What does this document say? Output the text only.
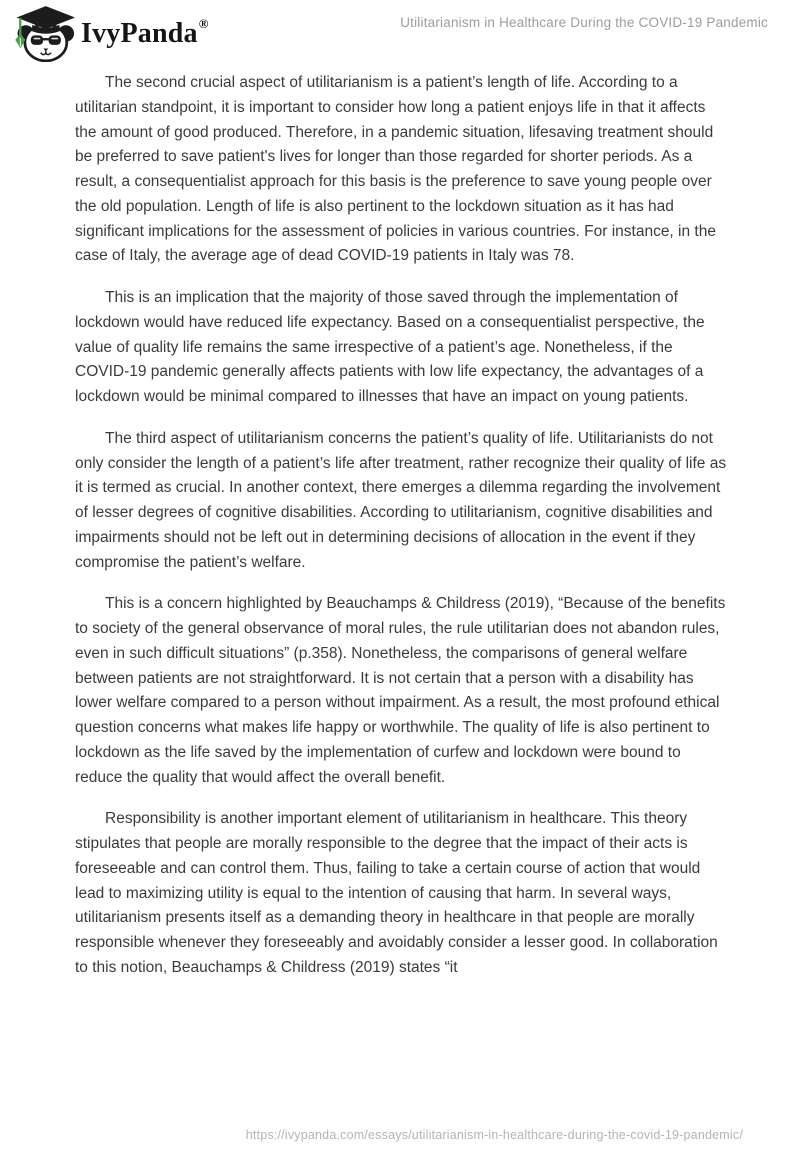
IvyPanda ®	Utilitarianism in Healthcare During the COVID-19 Pandemic

The second crucial aspect of utilitarianism is a patient’s length of life. According to a utilitarian standpoint, it is important to consider how long a patient enjoys life in that it affects the amount of good produced. Therefore, in a pandemic situation, lifesaving treatment should be preferred to save patient's lives for longer than those regarded for shorter periods. As a result, a consequentialist approach for this basis is the preference to save young people over the old population. Length of life is also pertinent to the lockdown situation as it has had significant implications for the assessment of policies in various countries. For instance, in the case of Italy, the average age of dead COVID-19 patients in Italy was 78.

This is an implication that the majority of those saved through the implementation of lockdown would have reduced life expectancy. Based on a consequentialist perspective, the value of quality life remains the same irrespective of a patient’s age. Nonetheless, if the COVID-19 pandemic generally affects patients with low life expectancy, the advantages of a lockdown would be minimal compared to illnesses that have an impact on young patients.

The third aspect of utilitarianism concerns the patient’s quality of life. Utilitarianists do not only consider the length of a patient’s life after treatment, rather recognize their quality of life as it is termed as crucial. In another context, there emerges a dilemma regarding the involvement of lesser degrees of cognitive disabilities. According to utilitarianism, cognitive disabilities and impairments should not be left out in determining decisions of allocation in the event if they compromise the patient’s welfare.

This is a concern highlighted by Beauchamps & Childress (2019), “Because of the benefits to society of the general observance of moral rules, the rule utilitarian does not abandon rules, even in such difficult situations” (p.358). Nonetheless, the comparisons of general welfare between patients are not straightforward. It is not certain that a person with a disability has lower welfare compared to a person without impairment. As a result, the most profound ethical question concerns what makes life happy or worthwhile. The quality of life is also pertinent to lockdown as the life saved by the implementation of curfew and lockdown were bound to reduce the quality that would affect the overall benefit.

Responsibility is another important element of utilitarianism in healthcare. This theory stipulates that people are morally responsible to the degree that the impact of their acts is foreseeable and can control them. Thus, failing to take a certain course of action that would lead to maximizing utility is equal to the intention of causing that harm. In several ways, utilitarianism presents itself as a demanding theory in healthcare in that people are morally responsible whenever they foreseeably and avoidably consider a lesser good. In collaboration to this notion, Beauchamps & Childress (2019) states “it

https://ivypanda.com/essays/utilitarianism-in-healthcare-during-the-covid-19-pandemic/
